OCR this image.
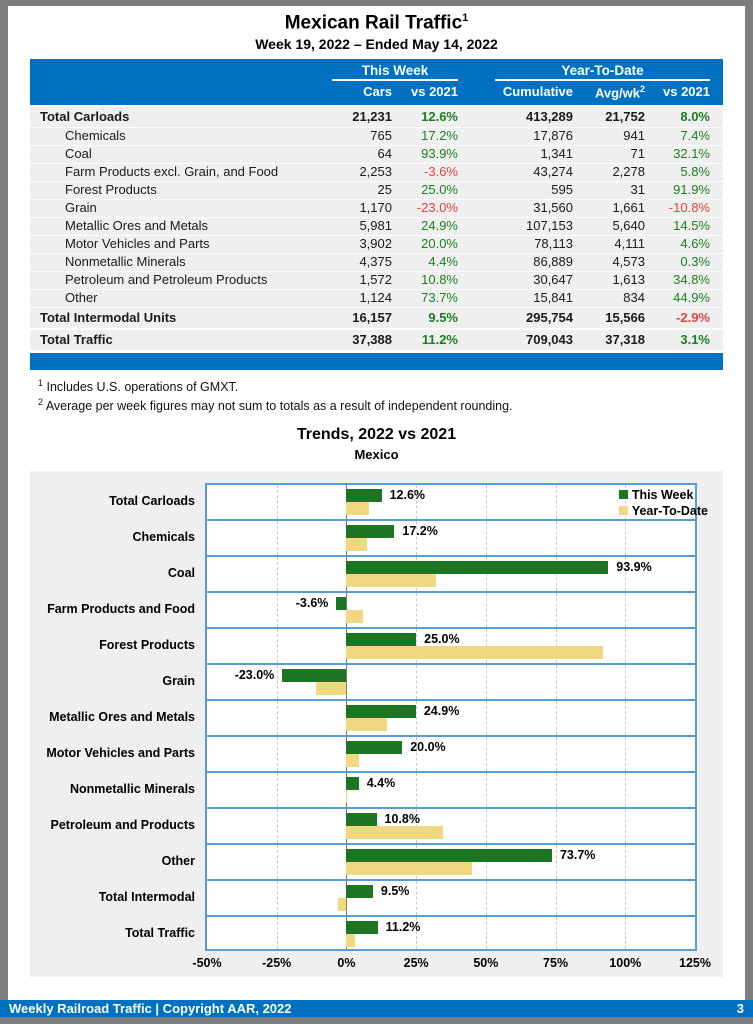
Mexican Rail Traffic$^1$
Week 19, 2022 – Ended May 14, 2022
This Week	Year-To-Date
Cars	vs 2021	Cumulative	Avg/$wk^2$	vs 2021
Total Carloads	21,231	12.6%	413,289	21,752	8.0%
Chemicals	765	17.2%	17,876	941	7.4%
Coal	64	93.9%	1,341	71	32.1%
Farm Products excl. Grain, and Food	2,253	-3.6%	43,274	2,278	5.8%
Forest Products	25	25.0%	595	31	91.9%
Grain	1,170	-23.0%	31,560	1,661	-10.8%
Metallic Ores and Metals	5,981	24.9%	107,153	5,640	14.5%
Motor Vehicles and Parts	3,902	20.0%	78,113	4,111	4.6%
Nonmetallic Minerals	4,375	4.4%	86,889	4,573	0.3%
Petroleum and Petroleum Products	1,572	10.8%	30,647	1,613	34.8%
Other	1,124	73.7%	15,841	834	44.9%
Total Intermodal Units	16,157	9.5%	295,754	15,566	-2.9%
Total Traffic	37,388	11.2%	709,043	37,318	3.1%
$^1$ Includes U.S. operations of GMXT.
$^2$ Average per week figures may not sum to totals as a result of independent rounding.
Trends, 2022 vs 2021
Mexico
Total Carloads	12.6%
Chemicals	17.2%
Coal	93.9%
Farm Products and Food	-3.6%
Forest Products	25.0%
Grain	-23.0%
Metallic Ores and Metals	24.9%
Motor Vehicles and Parts	20.0%
Nonmetallic Minerals	4.4%
Petroleum and Products	10.8%
Other	73.7%
Total Intermodal	9.5%
Total Traffic	11.2%
-50%	-25%	0%	25%	50%	75%	100%	125%
This Week
Year-To-Date
Weekly Railroad Traffic | Copyright AAR, 2022	3
